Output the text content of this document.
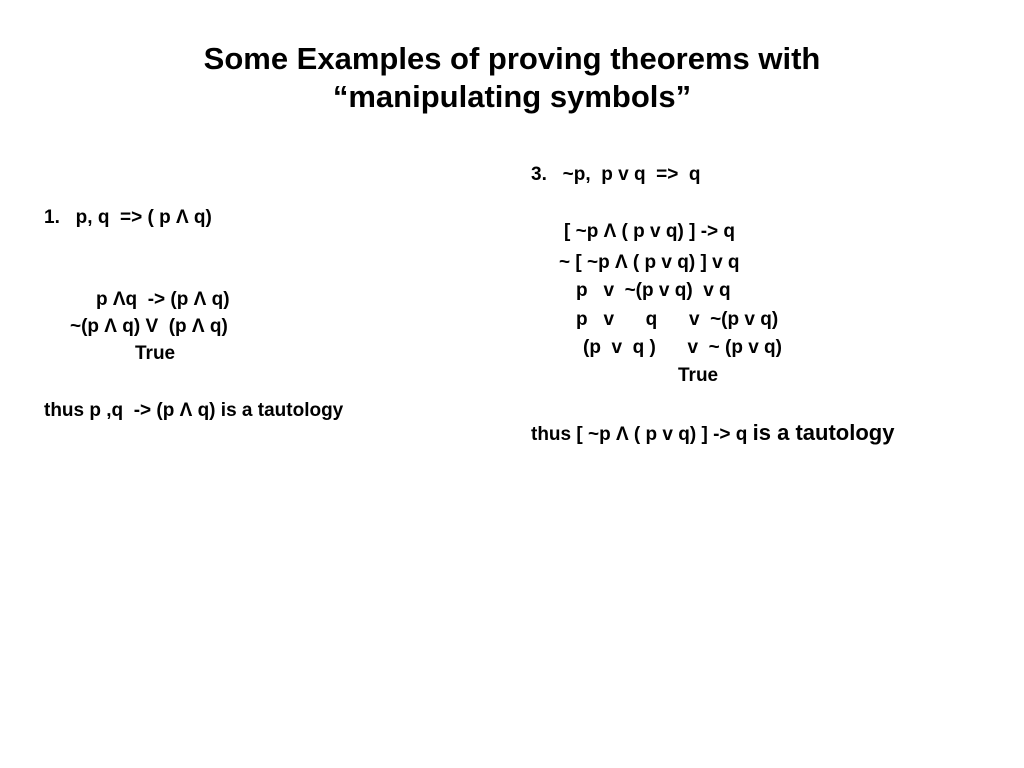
Some Examples of proving theorems with
“manipulating symbols”
1.   p, q  => ( p Λ q)
p Λq  -> (p Λ q)
~(p Λ q) V  (p Λ q)
True
thus p ,q  -> (p Λ q) is a tautology
3.   ~p,  p v q  =>  q
[ ~p Λ ( p v q) ] -> q
~ [ ~p Λ ( p v q) ] v q
p   v  ~(p v q)  v q
p   v      q      v  ~(p v q)
(p  v  q )      v  ~ (p v q)
True
thus [ ~p Λ ( p v q) ] -> q is a tautology
